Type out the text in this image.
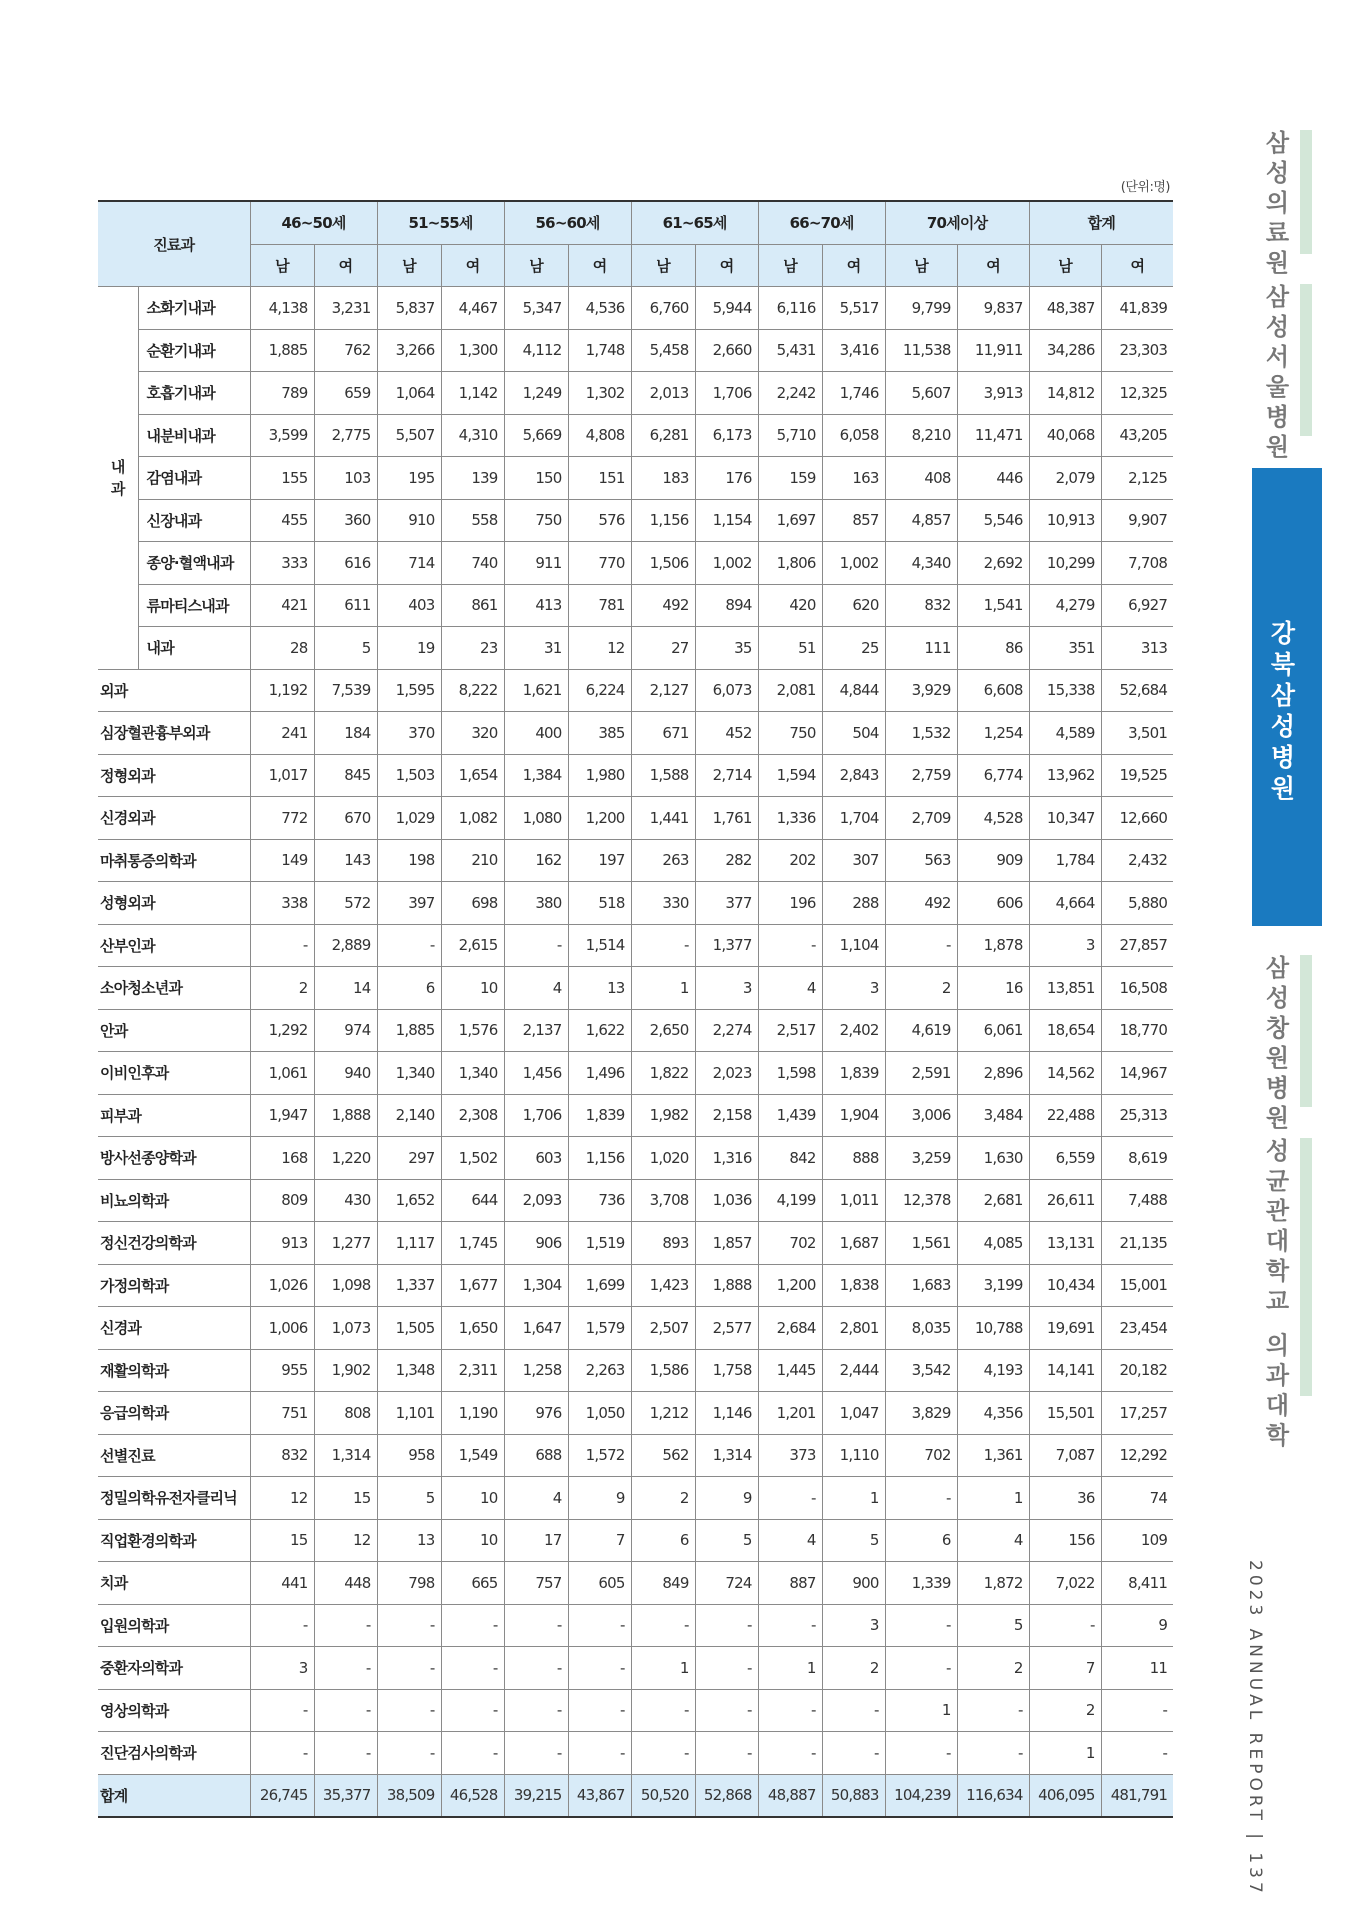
(단위:명)
진료과		46~50세		51~55세		56~60세		61~65세		66~70세		70세이상		합계	
		남	여	남	여	남	여	남	여	남	여	남	여	남	여

내
과	소화기내과	4,138	3,231	5,837	4,467	5,347	4,536	6,760	5,944	6,116	5,517	9,799	9,837	48,387	41,839
	순환기내과	1,885	762	3,266	1,300	4,112	1,748	5,458	2,660	5,431	3,416	11,538	11,911	34,286	23,303
	호흡기내과	789	659	1,064	1,142	1,249	1,302	2,013	1,706	2,242	1,746	5,607	3,913	14,812	12,325
	내분비내과	3,599	2,775	5,507	4,310	5,669	4,808	6,281	6,173	5,710	6,058	8,210	11,471	40,068	43,205
	감염내과	155	103	195	139	150	151	183	176	159	163	408	446	2,079	2,125
	신장내과	455	360	910	558	750	576	1,156	1,154	1,697	857	4,857	5,546	10,913	9,907
	종양·혈액내과	333	616	714	740	911	770	1,506	1,002	1,806	1,002	4,340	2,692	10,299	7,708
	류마티스내과	421	611	403	861	413	781	492	894	420	620	832	1,541	4,279	6,927
	내과	28	5	19	23	31	12	27	35	51	25	111	86	351	313
외과		1,192	7,539	1,595	8,222	1,621	6,224	2,127	6,073	2,081	4,844	3,929	6,608	15,338	52,684
심장혈관흉부외과		241	184	370	320	400	385	671	452	750	504	1,532	1,254	4,589	3,501
정형외과		1,017	845	1,503	1,654	1,384	1,980	1,588	2,714	1,594	2,843	2,759	6,774	13,962	19,525
신경외과		772	670	1,029	1,082	1,080	1,200	1,441	1,761	1,336	1,704	2,709	4,528	10,347	12,660
마취통증의학과		149	143	198	210	162	197	263	282	202	307	563	909	1,784	2,432
성형외과		338	572	397	698	380	518	330	377	196	288	492	606	4,664	5,880
산부인과		-	2,889	-	2,615	-	1,514	-	1,377	-	1,104	-	1,878	3	27,857
소아청소년과		2	14	6	10	4	13	1	3	4	3	2	16	13,851	16,508
안과		1,292	974	1,885	1,576	2,137	1,622	2,650	2,274	2,517	2,402	4,619	6,061	18,654	18,770
이비인후과		1,061	940	1,340	1,340	1,456	1,496	1,822	2,023	1,598	1,839	2,591	2,896	14,562	14,967
피부과		1,947	1,888	2,140	2,308	1,706	1,839	1,982	2,158	1,439	1,904	3,006	3,484	22,488	25,313
방사선종양학과		168	1,220	297	1,502	603	1,156	1,020	1,316	842	888	3,259	1,630	6,559	8,619
비뇨의학과		809	430	1,652	644	2,093	736	3,708	1,036	4,199	1,011	12,378	2,681	26,611	7,488
정신건강의학과		913	1,277	1,117	1,745	906	1,519	893	1,857	702	1,687	1,561	4,085	13,131	21,135
가정의학과		1,026	1,098	1,337	1,677	1,304	1,699	1,423	1,888	1,200	1,838	1,683	3,199	10,434	15,001
신경과		1,006	1,073	1,505	1,650	1,647	1,579	2,507	2,577	2,684	2,801	8,035	10,788	19,691	23,454
재활의학과		955	1,902	1,348	2,311	1,258	2,263	1,586	1,758	1,445	2,444	3,542	4,193	14,141	20,182
응급의학과		751	808	1,101	1,190	976	1,050	1,212	1,146	1,201	1,047	3,829	4,356	15,501	17,257
선별진료		832	1,314	958	1,549	688	1,572	562	1,314	373	1,110	702	1,361	7,087	12,292
정밀의학유전자클리닉		12	15	5	10	4	9	2	9	-	1	-	1	36	74
직업환경의학과		15	12	13	10	17	7	6	5	4	5	6	4	156	109
치과		441	448	798	665	757	605	849	724	887	900	1,339	1,872	7,022	8,411
입원의학과		-	-	-	-	-	-	-	-	-	3	-	5	-	9
중환자의학과		3	-	-	-	-	-	1	-	1	2	-	2	7	11
영상의학과		-	-	-	-	-	-	-	-	-	-	1	-	2	-
진단검사의학과		-	-	-	-	-	-	-	-	-	-	-	-	1	-
합계		26,745	35,377	38,509	46,528	39,215	43,867	50,520	52,868	48,887	50,883	104,239	116,634	406,095	481,791
삼성의료원
삼성서울병원
강북삼성병원
삼성창원병원
성균관대학교 의과대학
2023 ANNUAL REPORT | 137
